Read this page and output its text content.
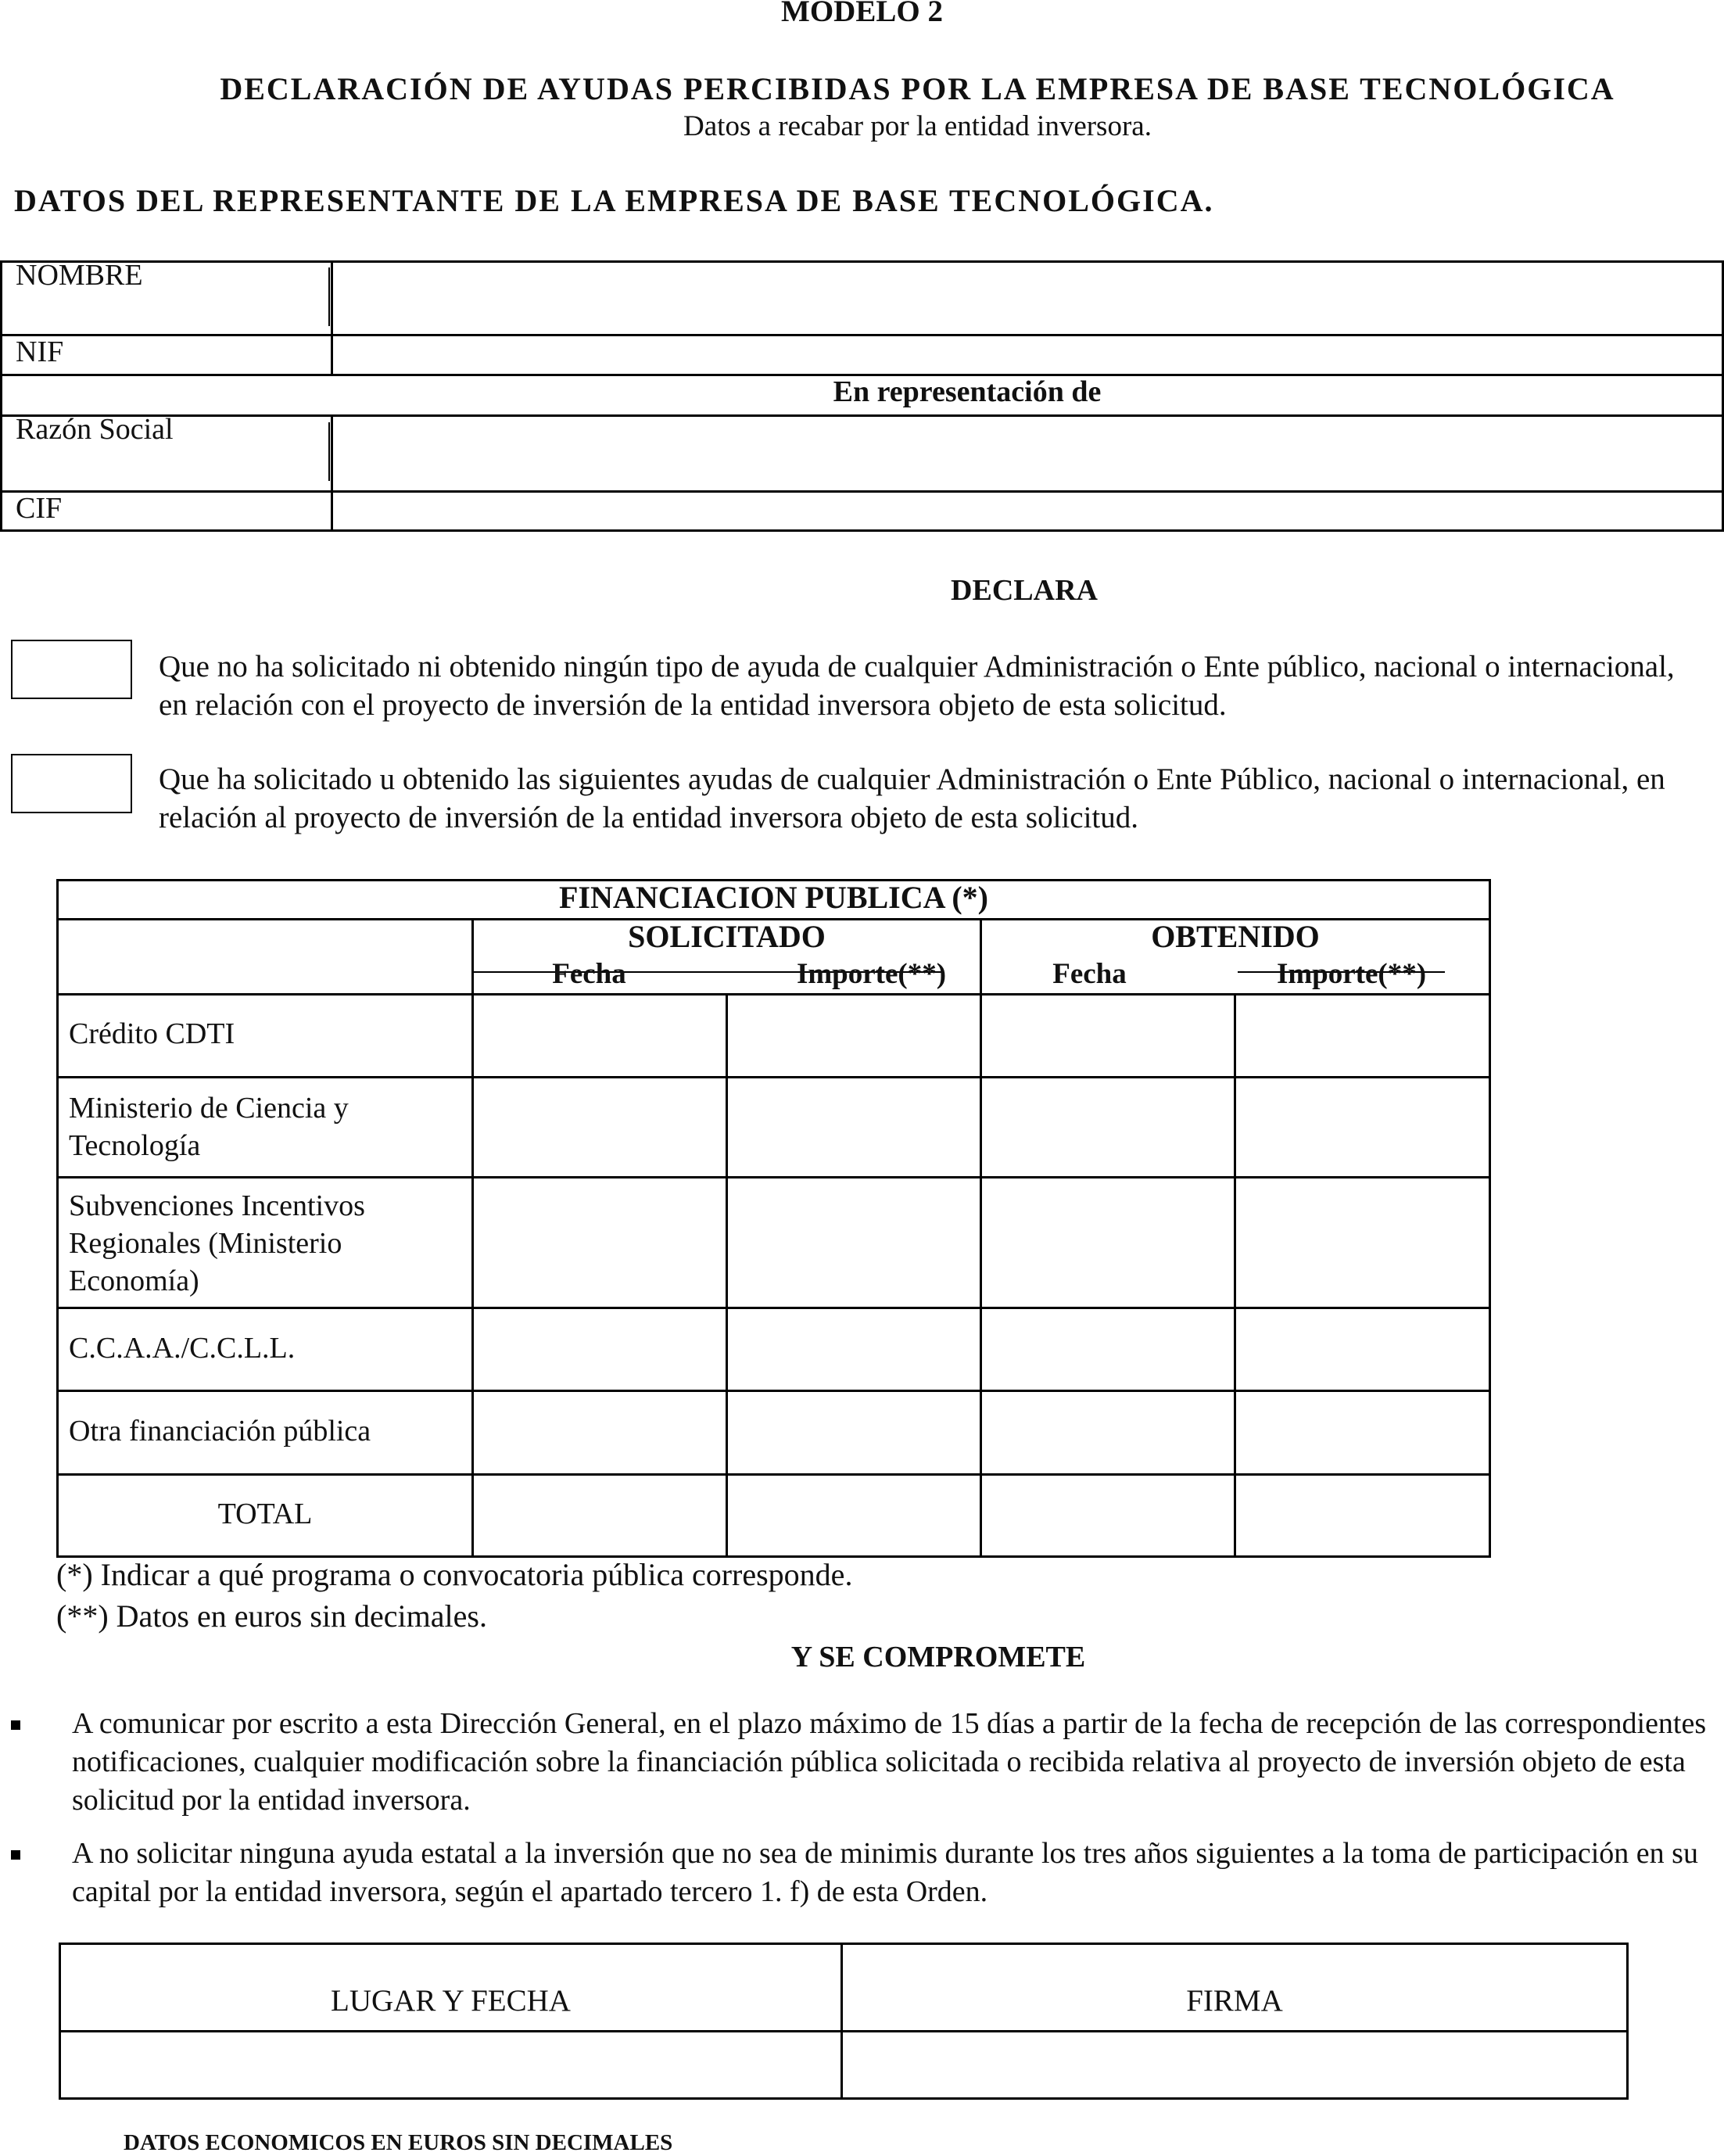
MODELO 2
DECLARACIÓN DE AYUDAS PERCIBIDAS POR LA EMPRESA DE BASE TECNOLÓGICA
Datos a recabar por la entidad inversora.
DATOS DEL REPRESENTANTE DE LA EMPRESA DE BASE TECNOLÓGICA.
NOMBRE
NIF
En representación de
Razón Social
CIF
DECLARA
Que no ha solicitado ni obtenido ningún tipo de ayuda de cualquier Administración o Ente público, nacional o internacional, en relación con el proyecto de inversión de la entidad inversora objeto de esta solicitud.
Que ha solicitado u obtenido las siguientes ayudas de cualquier Administración o Ente Público, nacional o internacional, en relación al proyecto de inversión de la entidad inversora objeto de esta solicitud.
FINANCIACION PUBLICA (*)
SOLICITADO	OBTENIDO
Fecha	Importe(**)	Fecha	Importe(**)
Crédito CDTI
Ministerio de Ciencia y Tecnología
Subvenciones Incentivos Regionales (Ministerio Economía)
C.C.A.A./C.C.L.L.
Otra financiación pública
TOTAL
(*) Indicar a qué programa o convocatoria pública corresponde.
(**) Datos en euros sin decimales.
Y SE COMPROMETE
A comunicar por escrito a esta Dirección General, en el plazo máximo de 15 días a partir de la fecha de recepción de las correspondientes notificaciones, cualquier modificación sobre la financiación pública solicitada o recibida relativa al proyecto de inversión objeto de esta solicitud por la entidad inversora.
A no solicitar ninguna ayuda estatal a la inversión que no sea de minimis durante los tres años siguientes a la toma de participación en su capital por la entidad inversora, según el apartado tercero 1. f) de esta Orden.
LUGAR Y FECHA	FIRMA
DATOS ECONOMICOS EN EUROS SIN DECIMALES
